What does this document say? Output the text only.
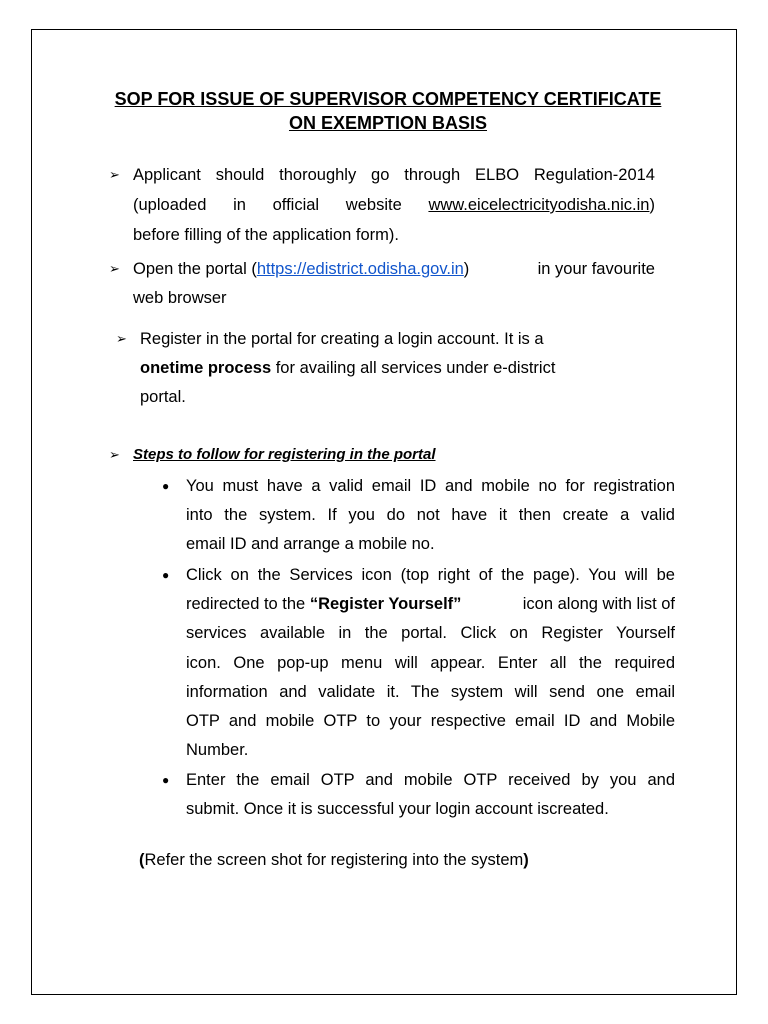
SOP FOR ISSUE OF SUPERVISOR COMPETENCY CERTIFICATE
ON EXEMPTION BASIS
➢ Applicant should thoroughly go through ELBO Regulation-2014
(uploaded in official website www.eicelectricityodisha.nic.in)
before filling of the application form).
➢ Open the portal (https://edistrict.odisha.gov.in)	in your favourite
web browser
➢ Register in the portal for creating a login account. It is a
onetime process for availing all services under e-district
portal.
➢ Steps to follow for registering in the portal
● You must have a valid email ID and mobile no for registration
into the system. If you do not have it then create a valid
email ID and arrange a mobile no.
● Click on the Services icon (top right of the page). You will be
redirected to the “Register Yourself”	icon along with list of
services available in the portal. Click on Register Yourself
icon. One pop-up menu will appear. Enter all the required
information and validate it. The system will send one email
OTP and mobile OTP to your respective email ID and Mobile
Number.
● Enter the email OTP and mobile OTP received by you and
submit. Once it is successful your login account iscreated.
(Refer the screen shot for registering into the system)
